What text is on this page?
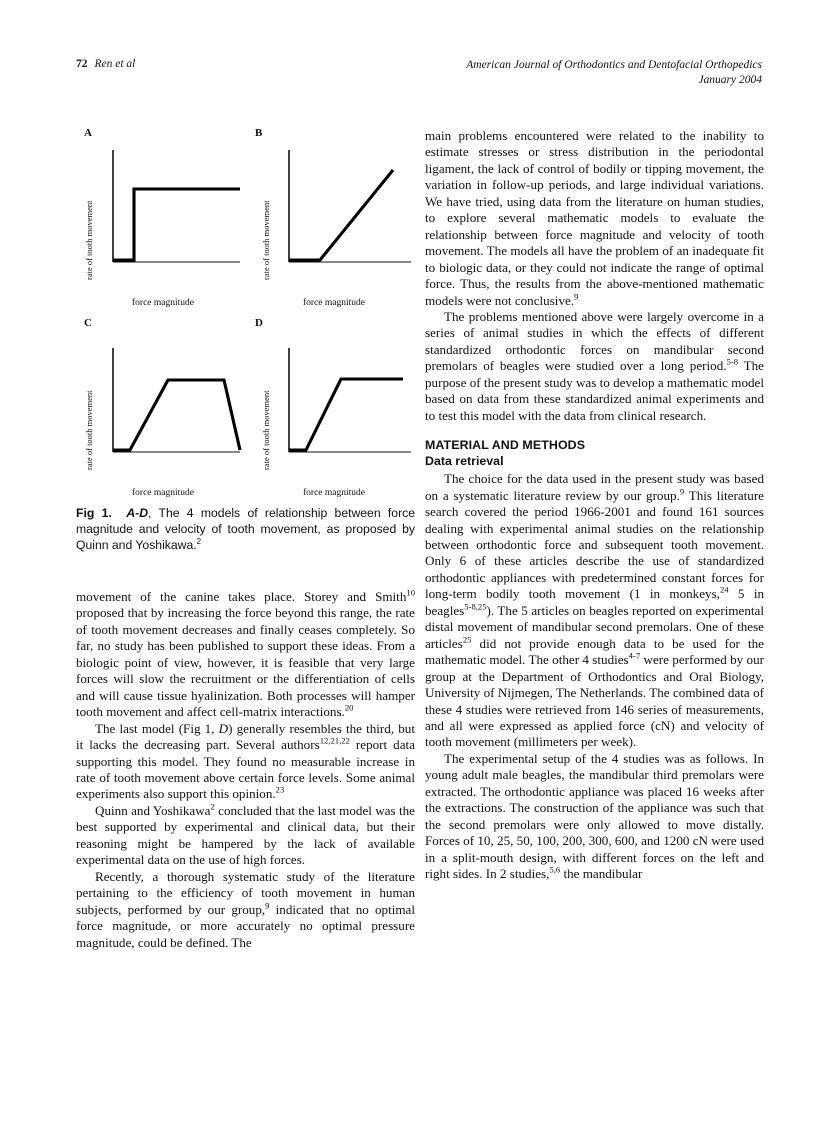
72 Ren et al	American Journal of Orthodontics and Dentofacial Orthopedics
January 2004
A
rate of tooth movement
force magnitude
B
rate of tooth movement
force magnitude
C
rate of tooth movement
force magnitude
D
rate of tooth movement
force magnitude
Fig 1. A-D, The 4 models of relationship between force magnitude and velocity of tooth movement, as proposed by Quinn and Yoshikawa.$^2$

movement of the canine takes place. Storey and Smith$^{10}$ proposed that by increasing the force beyond this range, the rate of tooth movement decreases and finally ceases completely. So far, no study has been published to support these ideas. From a biologic point of view, however, it is feasible that very large forces will slow the recruitment or the differentiation of cells and will cause tissue hyalinization. Both processes will hamper tooth movement and affect cell-matrix interactions.$^{20}$

The last model (Fig 1, D) generally resembles the third, but it lacks the decreasing part. Several authors$^{12,21,22}$ report data supporting this model. They found no measurable increase in rate of tooth movement above certain force levels. Some animal experiments also support this opinion.$^{23}$

Quinn and Yoshikawa$^2$ concluded that the last model was the best supported by experimental and clinical data, but their reasoning might be hampered by the lack of available experimental data on the use of high forces.

Recently, a thorough systematic study of the literature pertaining to the efficiency of tooth movement in human subjects, performed by our group,$^9$ indicated that no optimal force magnitude, or more accurately no optimal pressure magnitude, could be defined. The

main problems encountered were related to the inability to estimate stresses or stress distribution in the periodontal ligament, the lack of control of bodily or tipping movement, the variation in follow-up periods, and large individual variations. We have tried, using data from the literature on human studies, to explore several mathematic models to evaluate the relationship between force magnitude and velocity of tooth movement. The models all have the problem of an inadequate fit to biologic data, or they could not indicate the range of optimal force. Thus, the results from the above-mentioned mathematic models were not conclusive.$^9$

The problems mentioned above were largely overcome in a series of animal studies in which the effects of different standardized orthodontic forces on mandibular second premolars of beagles were studied over a long period.$^{5-8}$ The purpose of the present study was to develop a mathematic model based on data from these standardized animal experiments and to test this model with the data from clinical research.

MATERIAL AND METHODS
Data retrieval

The choice for the data used in the present study was based on a systematic literature review by our group.$^9$ This literature search covered the period 1966-2001 and found 161 sources dealing with experimental animal studies on the relationship between orthodontic force and subsequent tooth movement. Only 6 of these articles describe the use of standardized orthodontic appliances with predetermined constant forces for long-term bodily tooth movement (1 in monkeys,$^{24}$ 5 in beagles$^{5-8,25}$). The 5 articles on beagles reported on experimental distal movement of mandibular second premolars. One of these articles$^{25}$ did not provide enough data to be used for the mathematic model. The other 4 studies$^{4-7}$ were performed by our group at the Department of Orthodontics and Oral Biology, University of Nijmegen, The Netherlands. The combined data of these 4 studies were retrieved from 146 series of measurements, and all were expressed as applied force (cN) and velocity of tooth movement (millimeters per week).

The experimental setup of the 4 studies was as follows. In young adult male beagles, the mandibular third premolars were extracted. The orthodontic appliance was placed 16 weeks after the extractions. The construction of the appliance was such that the second premolars were only allowed to move distally. Forces of 10, 25, 50, 100, 200, 300, 600, and 1200 cN were used in a split-mouth design, with different forces on the left and right sides. In 2 studies,$^{5,6}$ the mandibular
